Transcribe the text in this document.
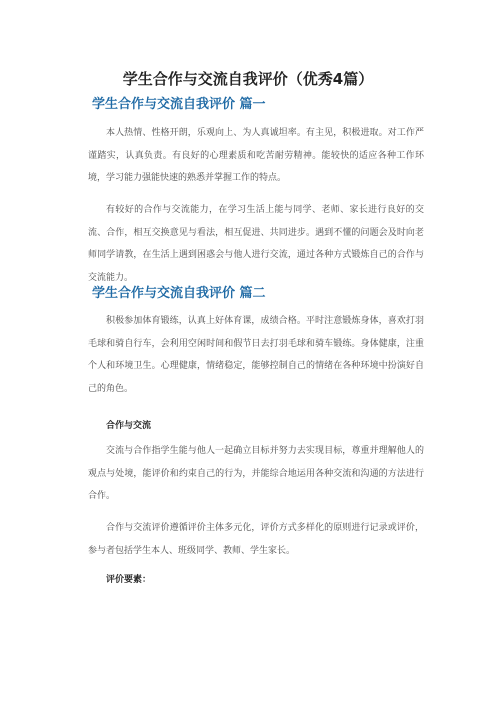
学生合作与交流自我评价（优秀4篇）
学生合作与交流自我评价 篇一

本人热情、性格开朗，乐观向上、为人真诚坦率。有主见，积极进取。对工作严谨踏实，认真负责。有良好的心理素质和吃苦耐劳精神。能较快的适应各种工作环境，学习能力强能快速的熟悉并掌握工作的特点。

有较好的合作与交流能力，在学习生活上能与同学、老师、家长进行良好的交流、合作，相互交换意见与看法，相互促进、共同进步。遇到不懂的问题会及时向老师同学请教，在生活上遇到困惑会与他人进行交流，通过各种方式锻炼自己的合作与交流能力。

学生合作与交流自我评价 篇二

积极参加体育锻练，认真上好体育课，成绩合格。平时注意锻炼身体，喜欢打羽毛球和骑自行车，会利用空闲时间和假节日去打羽毛球和骑车锻练。身体健康，注重个人和环境卫生。心理健康，情绪稳定，能够控制自己的情绪在各种环境中扮演好自己的角色。

合作与交流

交流与合作指学生能与他人一起确立目标并努力去实现目标，尊重并理解他人的观点与处境，能评价和约束自己的行为，并能综合地运用各种交流和沟通的方法进行合作。

合作与交流评价遵循评价主体多元化，评价方式多样化的原则进行记录或评价，参与者包括学生本人、班级同学、教师、学生家长。

评价要素：
